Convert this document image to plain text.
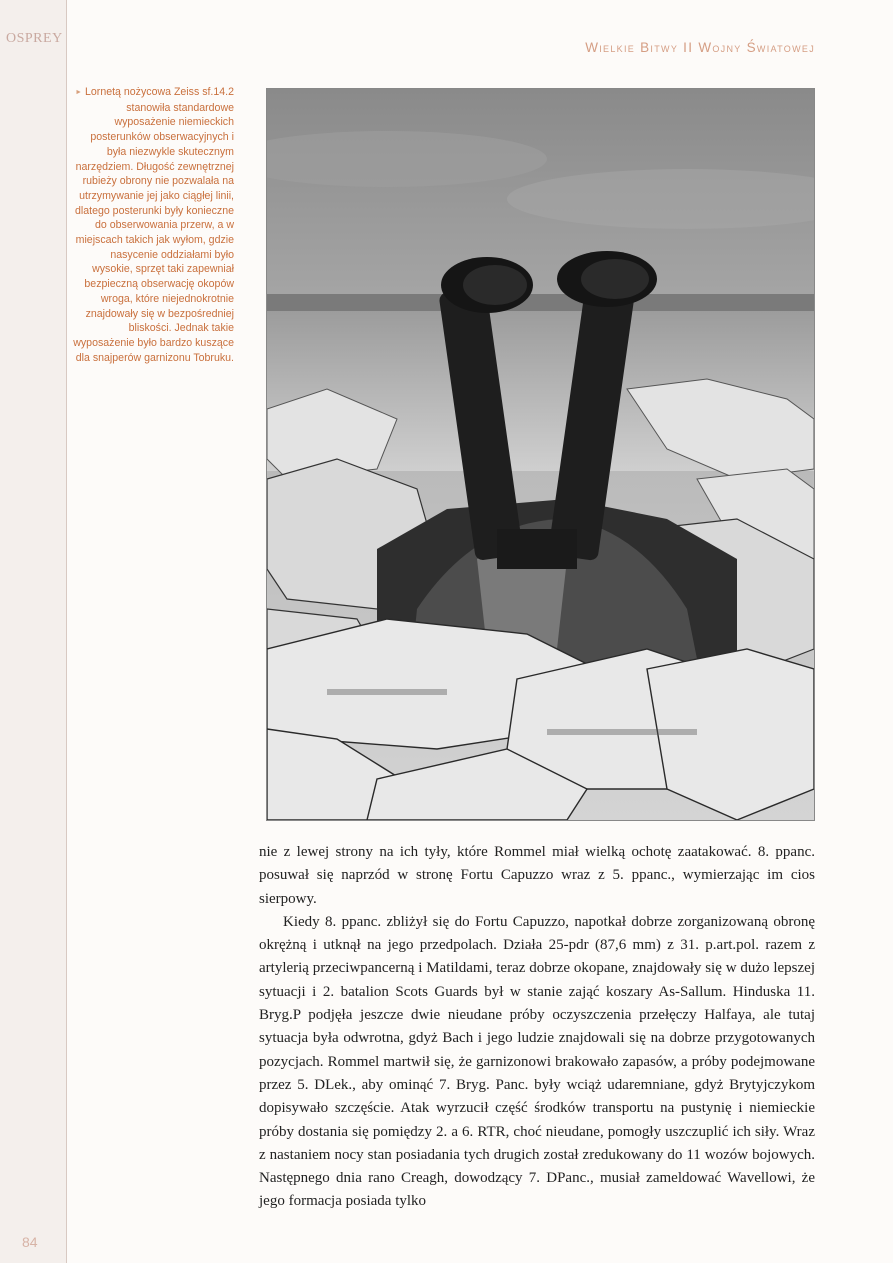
OSPREY
Wielkie Bitwy II Wojny Światowej
► Lornetą nożycowa Zeiss sf.14.2 stanowiła standardowe wyposażenie niemieckich posterunków obserwacyjnych i była niezwykle skutecznym narzędziem. Długość zewnętrznej rubieży obrony nie pozwalała na utrzymywanie jej jako ciągłej linii, dlatego posterunki były konieczne do obserwowania przerw, a w miejscach takich jak wyłom, gdzie nasycenie oddziałami było wysokie, sprzęt taki zapewniał bezpieczną obserwację okopów wroga, które niejednokrotnie znajdowały się w bezpośredniej bliskości. Jednak takie wyposażenie było bardzo kuszące dla snajperów garnizonu Tobruku.

nie z lewej strony na ich tyły, które Rommel miał wielką ochotę zaatakować. 8. ppanc. posuwał się naprzód w stronę Fortu Capuzzo wraz z 5. ppanc., wymierzając im cios sierpowy.

Kiedy 8. ppanc. zbliżył się do Fortu Capuzzo, napotkał dobrze zorganizowaną obronę okrężną i utknął na jego przedpolach. Działa 25-pdr (87,6 mm) z 31. p.art.pol. razem z artylerią przeciwpancerną i Matildami, teraz dobrze okopane, znajdowały się w dużo lepszej sytuacji i 2. batalion Scots Guards był w stanie zająć koszary As-Sallum. Hinduska 11. Bryg.P podjęła jeszcze dwie nieudane próby oczyszczenia przełęczy Halfaya, ale tutaj sytuacja była odwrotna, gdyż Bach i jego ludzie znajdowali się na dobrze przygotowanych pozycjach. Rommel martwił się, że garnizonowi brakowało zapasów, a próby podejmowane przez 5. DLek., aby ominąć 7. Bryg. Panc. były wciąż udaremniane, gdyż Brytyjczykom dopisywało szczęście. Atak wyrzucił część środków transportu na pustynię i niemieckie próby dostania się pomiędzy 2. a 6. RTR, choć nieudane, pomogły uszczuplić ich siły. Wraz z nastaniem nocy stan posiadania tych drugich został zredukowany do 11 wozów bojowych. Następnego dnia rano Creagh, dowodzący 7. DPanc., musiał zameldować Wavellowi, że jego formacja posiada tylko

84
